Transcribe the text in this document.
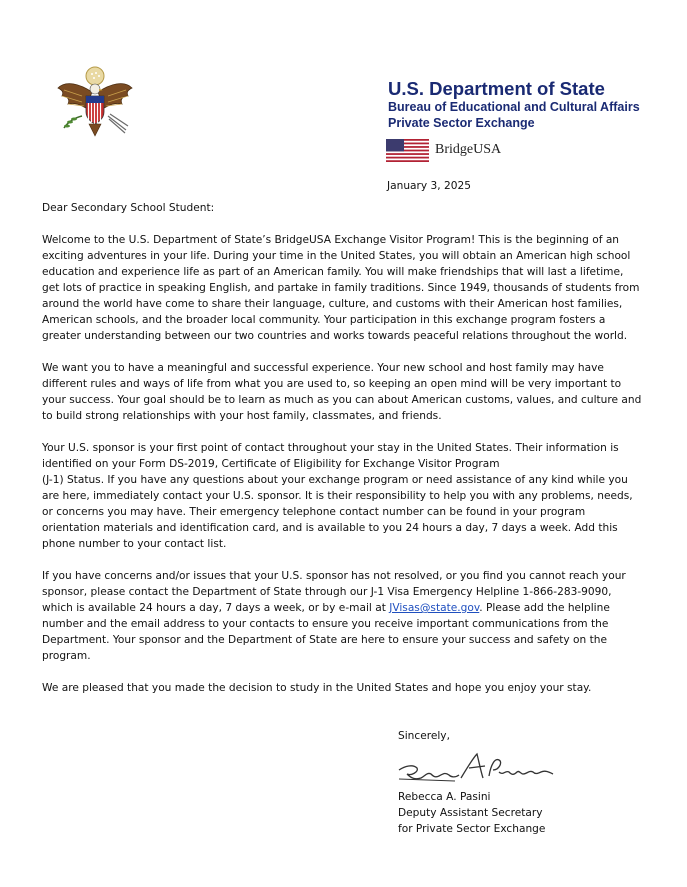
U.S. Department of State
Bureau of Educational and Cultural Affairs
Private Sector Exchange
BridgeUSA
January 3, 2025

Dear Secondary School Student:

Welcome to the U.S. Department of State’s BridgeUSA Exchange Visitor Program! This is the beginning of an exciting adventures in your life. During your time in the United States, you will obtain an American high school education and experience life as part of an American family. You will make friendships that will last a lifetime, get lots of practice in speaking English, and partake in family traditions. Since 1949, thousands of students from around the world have come to share their language, culture, and customs with their American host families, American schools, and the broader local community. Your participation in this exchange program fosters a greater understanding between our two countries and works towards peaceful relations throughout the world.

We want you to have a meaningful and successful experience. Your new school and host family may have different rules and ways of life from what you are used to, so keeping an open mind will be very important to your success. Your goal should be to learn as much as you can about American customs, values, and culture and to build strong relationships with your host family, classmates, and friends.

Your U.S. sponsor is your first point of contact throughout your stay in the United States. Their information is identified on your Form DS-2019, Certificate of Eligibility for Exchange Visitor Program
(J-1) Status. If you have any questions about your exchange program or need assistance of any kind while you are here, immediately contact your U.S. sponsor. It is their responsibility to help you with any problems, needs, or concerns you may have. Their emergency telephone contact number can be found in your program orientation materials and identification card, and is available to you 24 hours a day, 7 days a week. Add this phone number to your contact list.

If you have concerns and/or issues that your U.S. sponsor has not resolved, or you find you cannot reach your sponsor, please contact the Department of State through our J-1 Visa Emergency Helpline 1-866-283-9090, which is available 24 hours a day, 7 days a week, or by e-mail at JVisas@state.gov. Please add the helpline number and the email address to your contacts to ensure you receive important communications from the Department. Your sponsor and the Department of State are here to ensure your success and safety on the program.

We are pleased that you made the decision to study in the United States and hope you enjoy your stay.

Sincerely,
Rebecca A. Pasini
Deputy Assistant Secretary
for Private Sector Exchange
